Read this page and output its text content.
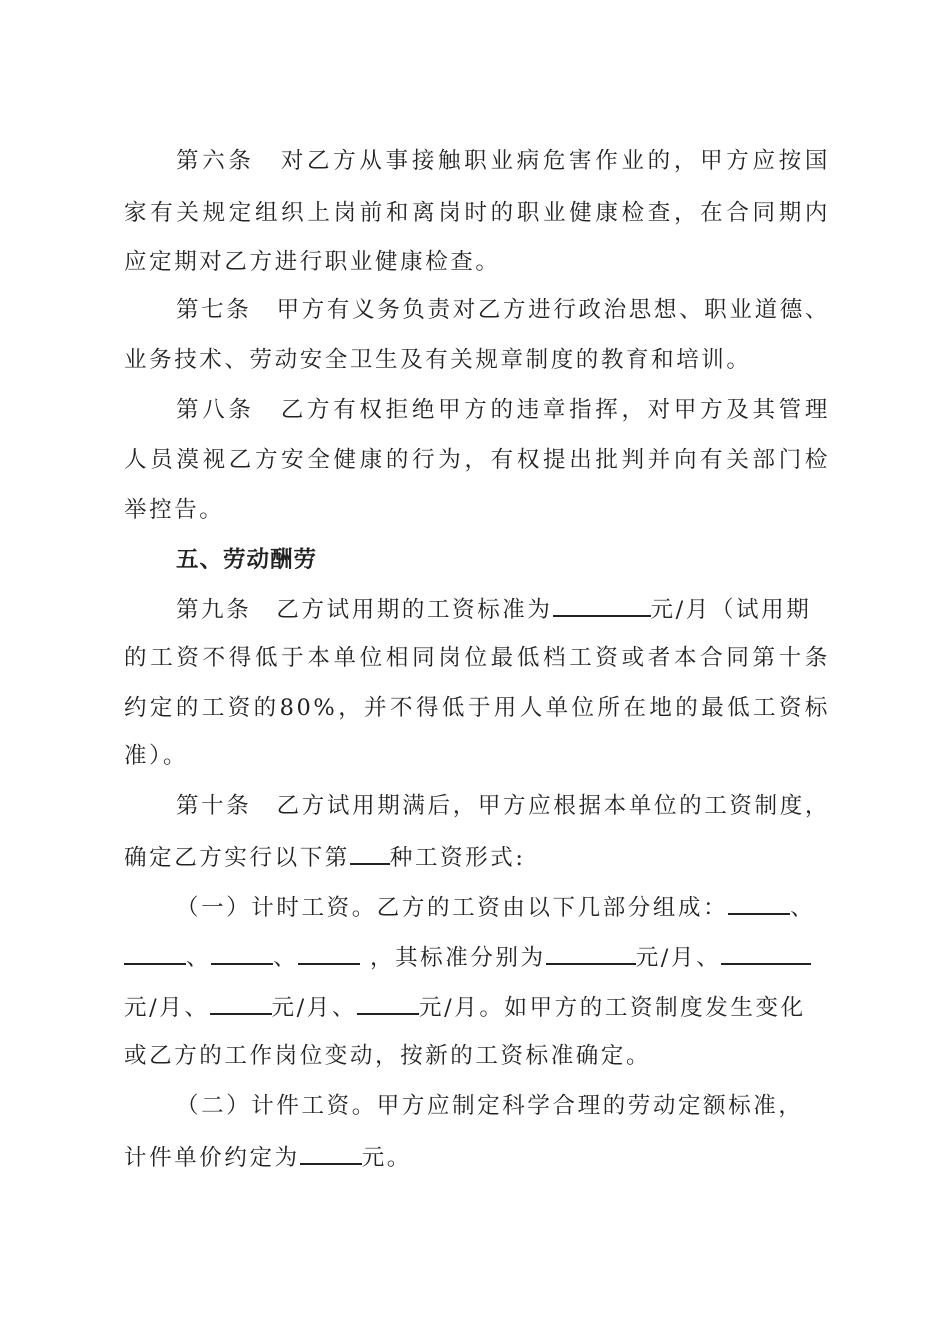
第六条　对乙方从事接触职业病危害作业的，甲方应按国

家有关规定组织上岗前和离岗时的职业健康检查，在合同期内

应定期对乙方进行职业健康检查。

第七条　甲方有义务负责对乙方进行政治思想、职业道德、

业务技术、劳动安全卫生及有关规章制度的教育和培训。

第八条　乙方有权拒绝甲方的违章指挥，对甲方及其管理

人员漠视乙方安全健康的行为，有权提出批判并向有关部门检

举控告。

五、劳动酬劳

第九条　乙方试用期的工资标准为	元/月（试用期

的工资不得低于本单位相同岗位最低档工资或者本合同第十条

约定的工资的80%，并不得低于用人单位所在地的最低工资标

准）。

第十条　乙方试用期满后，甲方应根据本单位的工资制度，

确定乙方实行以下第 种工资形式:

（一）计时工资。乙方的工资由以下几部分组成：	、

、	、	，其标准分别为	元/月、

元/月、	元/月、	元/月。如甲方的工资制度发生变化

或乙方的工作岗位变动，按新的工资标准确定。

（二）计件工资。甲方应制定科学合理的劳动定额标准，

计件单价约定为	元。
